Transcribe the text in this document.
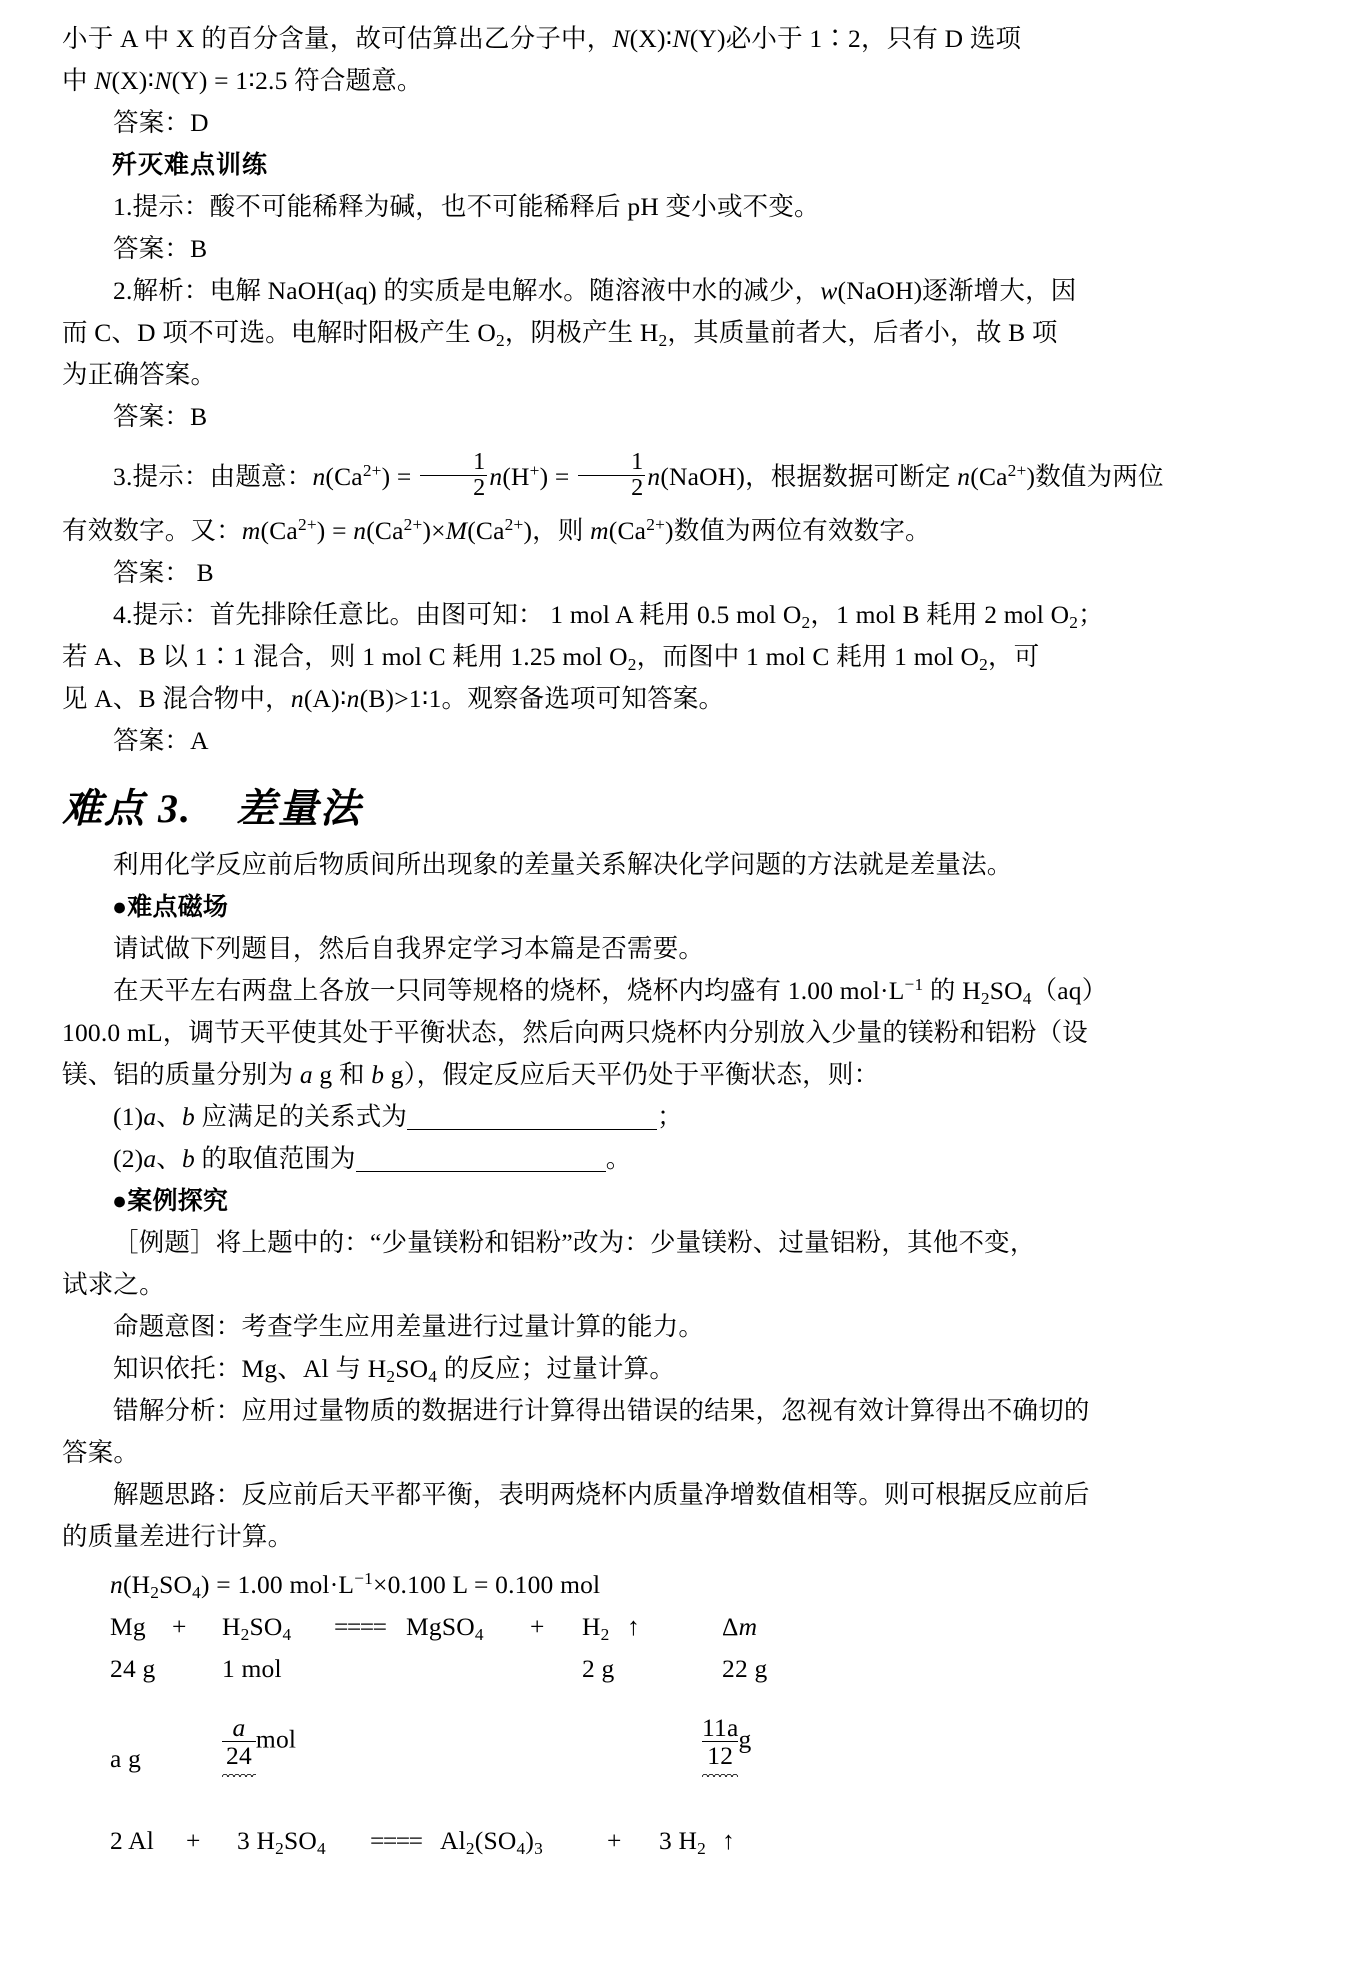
小于 A 中 X 的百分含量，故可估算出乙分子中，N(X)∶N(Y)必小于 1∶2，只有 D 选项

中 N(X)∶N(Y) = 1∶2.5 符合题意。

答案：D

歼灭难点训练

1.提示：酸不可能稀释为碱，也不可能稀释后 pH 变小或不变。

答案：B

2.解析：电解 NaOH(aq) 的实质是电解水。随溶液中水的减少，w(NaOH)逐渐增大，因

而 C、D 项不可选。电解时阳极产生 $O_2$，阴极产生 $H_2$，其质量前者大，后者小，故 B 项

为正确答案。

答案：B

3.提示：由题意：$n(Ca^{2+}) = \frac{1}{2} n(H^+) = \frac{1}{2}$ n(NaOH)，根据数据可断定 $n(Ca^{2+})$数值为两位

有效数字。又：$m(Ca^{2+}) = n(Ca^{2+})\times M(Ca^{2+})$，则 $m(Ca^{2+})$数值为两位有效数字。

答案： B

4.提示：首先排除任意比。由图可知： 1 mol A 耗用 0.5 mol $O_2$，1 mol B 耗用 2 mol $O_2$；

若 A、B 以 1∶1 混合，则 1 mol C 耗用 1.25 mol $O_2$，而图中 1 mol C 耗用 1 mol $O_2$，可

见 A、B 混合物中，n(A)∶n(B)>1∶1。观察备选项可知答案。

答案：A

难点 3. 差量法

利用化学反应前后物质间所出现象的差量关系解决化学问题的方法就是差量法。

●难点磁场

请试做下列题目，然后自我界定学习本篇是否需要。

在天平左右两盘上各放一只同等规格的烧杯，烧杯内均盛有 1.00 $mol\cdot L^{-1}$ 的 $H_2SO_4(aq)$

100.0 mL，调节天平使其处于平衡状态，然后向两只烧杯内分别放入少量的镁粉和铝粉（设

镁、铝的质量分别为 a g 和 b g），假定反应后天平仍处于平衡状态，则：

(1)a、b 应满足的关系式为	；

(2)a、b 的取值范围为	。

●案例探究

［例题］将上题中的：“少量镁粉和铝粉”改为：少量镁粉、过量铝粉，其他不变，

试求之。

命题意图：考查学生应用差量进行过量计算的能力。

知识依托：Mg、Al 与 $H_2SO_4$ 的反应；过量计算。

错解分析：应用过量物质的数据进行计算得出错误的结果，忽视有效计算得出不确切的

答案。

解题思路：反应前后天平都平衡，表明两烧杯内质量净增数值相等。则可根据反应前后

的质量差进行计算。

$n(H_2SO_4) = 1.00$ $mol\cdot L^{-1}\times 0.100$ L = 0.100 mol
$Mg + H_2SO_4$ ==== MgSO$_4$ + $H_2$ ↑	Δm
24 g	1 mol	2 g	22 g
a g	$\frac{a}{24}$ mol	$\frac{11a}{12}$ g
2 Al + 3 $H_2SO_4$ ==== $Al_2(SO_4)_3$	+ 3 $H_2$ ↑
